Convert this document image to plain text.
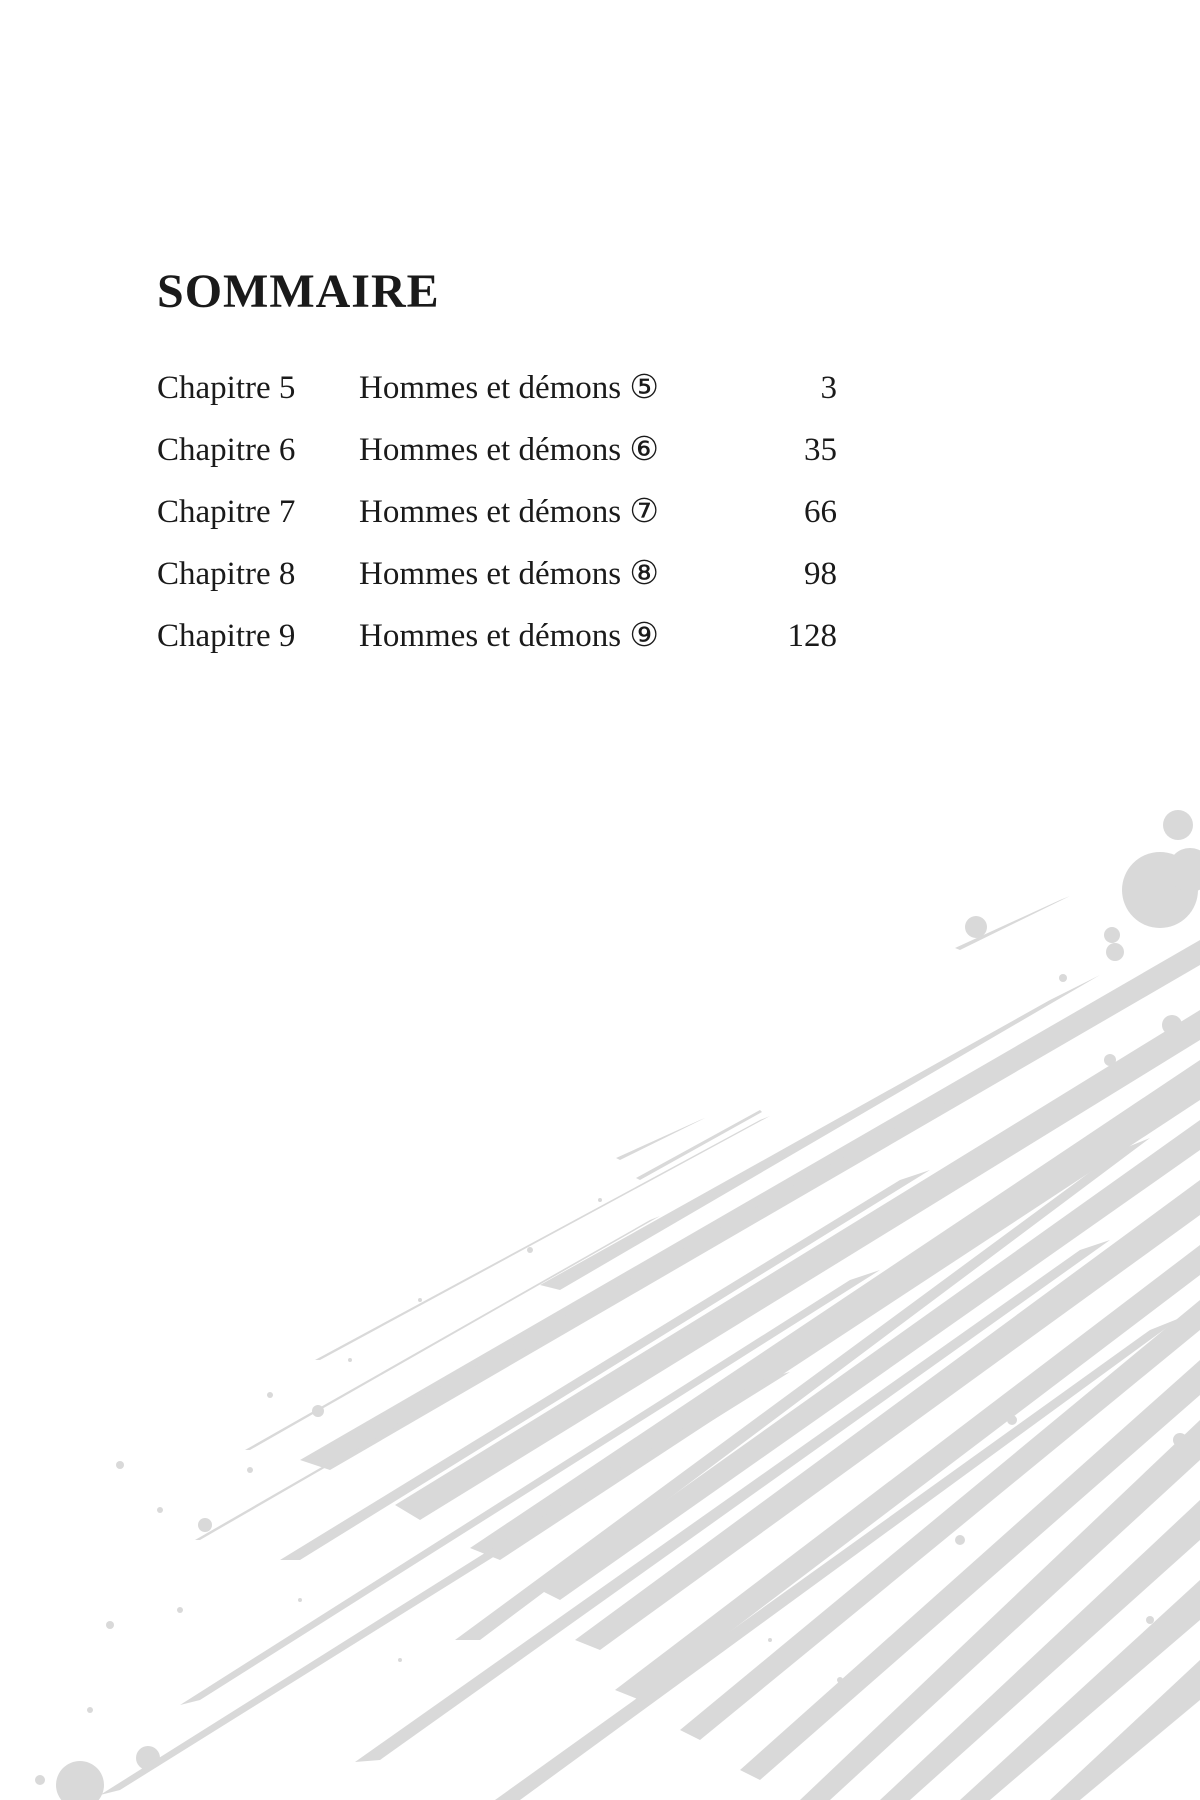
SOMMAIRE
Chapitre 5 Hommes et démons ⑤	3
Chapitre 6 Hommes et démons ⑥	35
Chapitre 7 Hommes et démons ⑦	66
Chapitre 8 Hommes et démons ⑧	98
Chapitre 9 Hommes et démons ⑨	128
